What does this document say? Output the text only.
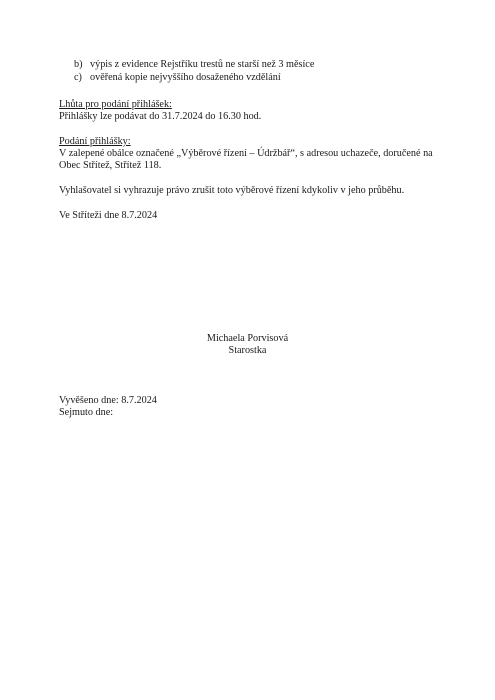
b) výpis z evidence Rejstříku trestů ne starší než 3 měsíce
c) ověřená kopie nejvyššího dosaženého vzdělání
Lhůta pro podání přihlášek:
Přihlášky lze podávat do 31.7.2024 do 16.30 hod.
Podání přihlášky:
V zalepené obálce označené „Výběrové řízení – Údržbář“, s adresou uchazeče, doručené na
Obec Střítež, Střítež 118.
Vyhlašovatel si vyhrazuje právo zrušit toto výběrové řízení kdykoliv v jeho průběhu.
Ve Stříteži dne 8.7.2024
Michaela Porvisová
Starostka
Vyvěšeno dne: 8.7.2024
Sejmuto dne:
